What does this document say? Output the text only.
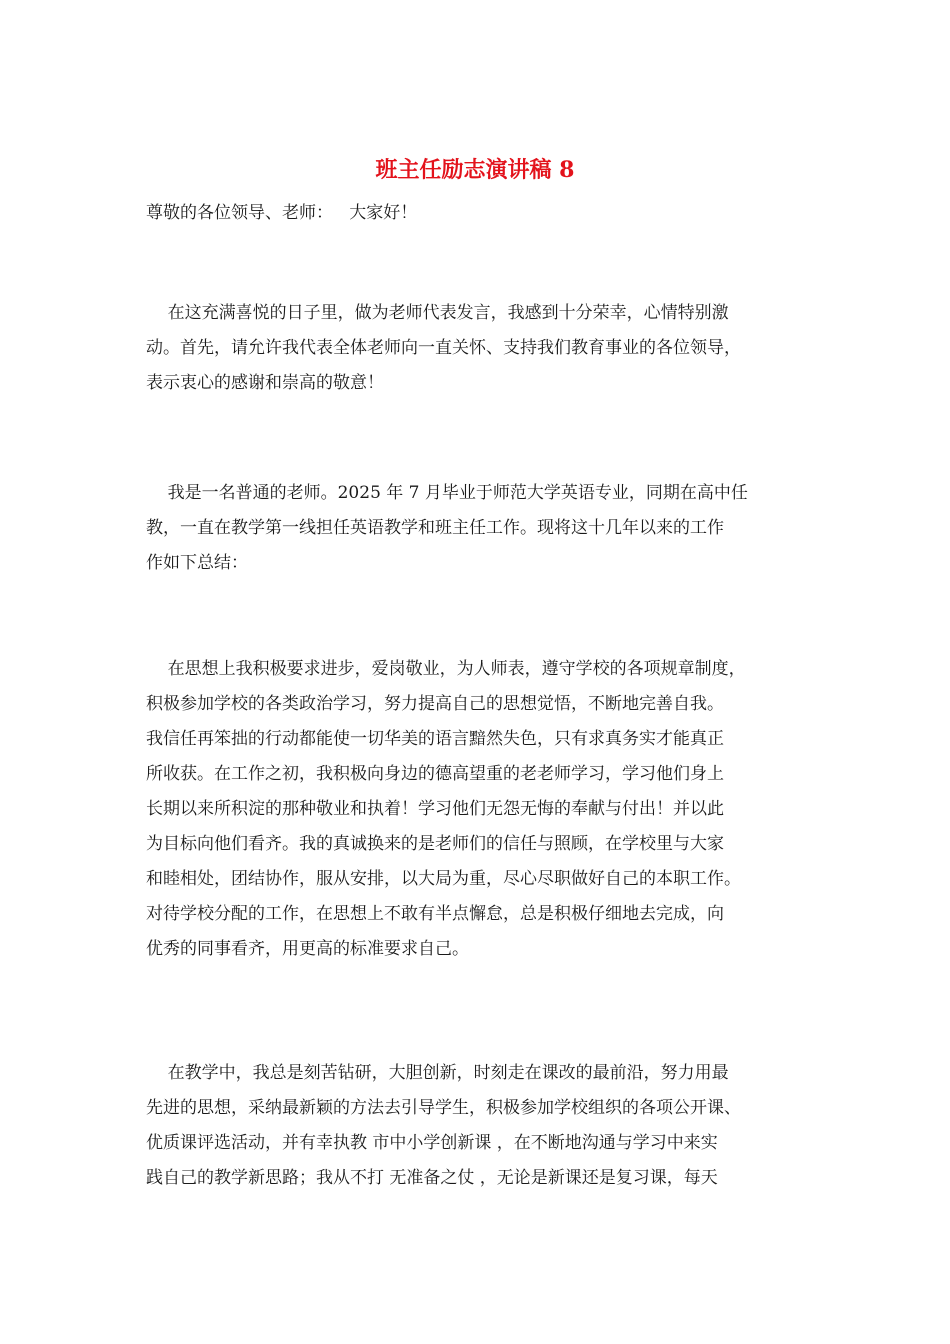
班主任励志演讲稿 8

尊敬的各位领导、老师：   大家好！

在这充满喜悦的日子里，做为老师代表发言，我感到十分荣幸，心情特别激
动。首先，请允许我代表全体老师向一直关怀、支持我们教育事业的各位领导，
表示衷心的感谢和崇高的敬意！
我是一名普通的老师。2025 年 7 月毕业于师范大学英语专业，同期在高中任
教，一直在教学第一线担任英语教学和班主任工作。现将这十几年以来的工作
作如下总结：
在思想上我积极要求进步，爱岗敬业，为人师表，遵守学校的各项规章制度，
积极参加学校的各类政治学习，努力提高自己的思想觉悟，不断地完善自我。
我信任再笨拙的行动都能使一切华美的语言黯然失色，只有求真务实才能真正
所收获。在工作之初，我积极向身边的德高望重的老老师学习，学习他们身上
长期以来所积淀的那种敬业和执着！学习他们无怨无悔的奉献与付出！并以此
为目标向他们看齐。我的真诚换来的是老师们的信任与照顾，在学校里与大家
和睦相处，团结协作，服从安排，以大局为重，尽心尽职做好自己的本职工作。
对待学校分配的工作，在思想上不敢有半点懈怠，总是积极仔细地去完成，向
优秀的同事看齐，用更高的标准要求自己。
在教学中，我总是刻苦钻研，大胆创新，时刻走在课改的最前沿，努力用最
先进的思想，采纳最新颖的方法去引导学生，积极参加学校组织的各项公开课、
优质课评选活动，并有幸执教 市中小学创新课 ，在不断地沟通与学习中来实
践自己的教学新思路；我从不打 无准备之仗 ，无论是新课还是复习课，每天
